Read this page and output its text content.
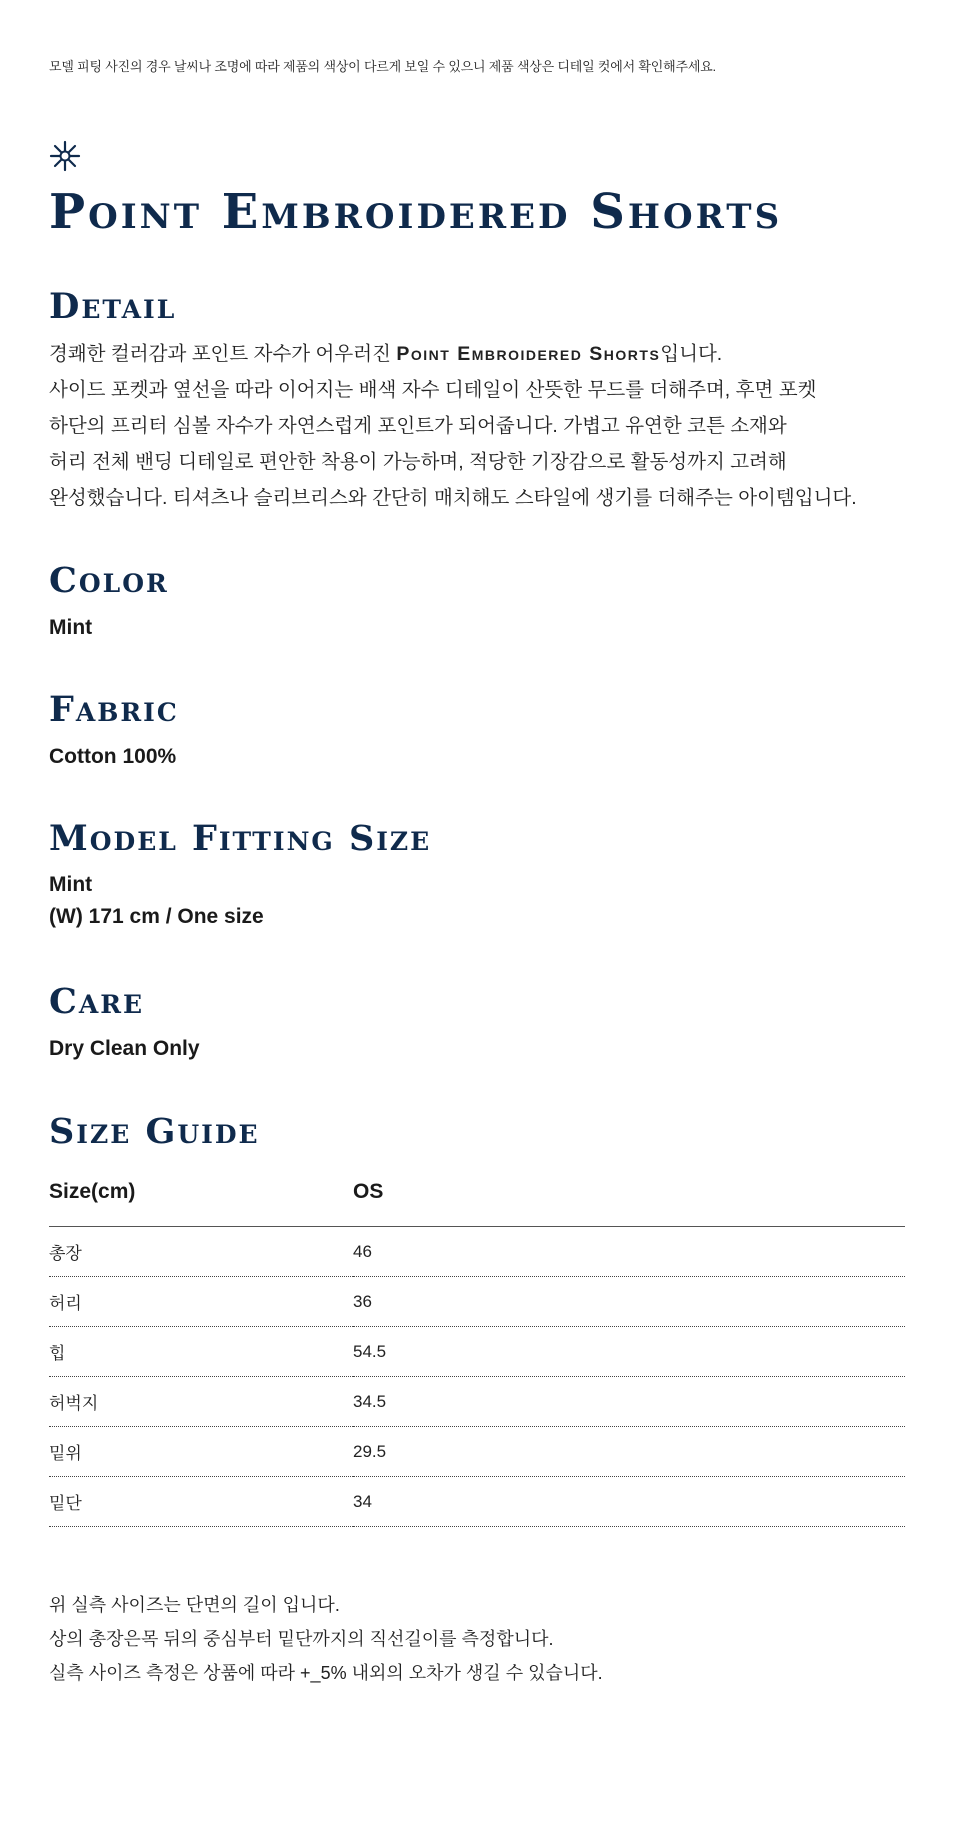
모델 피팅 사진의 경우 날씨나 조명에 따라 제품의 색상이 다르게 보일 수 있으니 제품 색상은 디테일 컷에서 확인해주세요.
Point Embroidered Shorts
Detail
경쾌한 컬러감과 포인트 자수가 어우러진 Point Embroidered Shorts입니다.
사이드 포켓과 옆선을 따라 이어지는 배색 자수 디테일이 산뜻한 무드를 더해주며, 후면 포켓
하단의 프리터 심볼 자수가 자연스럽게 포인트가 되어줍니다. 가볍고 유연한 코튼 소재와
허리 전체 밴딩 디테일로 편안한 착용이 가능하며, 적당한 기장감으로 활동성까지 고려해
완성했습니다. 티셔츠나 슬리브리스와 간단히 매치해도 스타일에 생기를 더해주는 아이템입니다.
Color
Mint
Fabric
Cotton 100%
Model Fitting Size
Mint
(W) 171 cm / One size
Care
Dry Clean Only
Size Guide
Size(cm)	OS
총장	46
허리	36
힙	54.5
허벅지	34.5
밑위	29.5
밑단	34
위 실측 사이즈는 단면의 길이 입니다.
상의 총장은목 뒤의 중심부터 밑단까지의 직선길이를 측정합니다.
실측 사이즈 측정은 상품에 따라 +_5% 내외의 오차가 생길 수 있습니다.
